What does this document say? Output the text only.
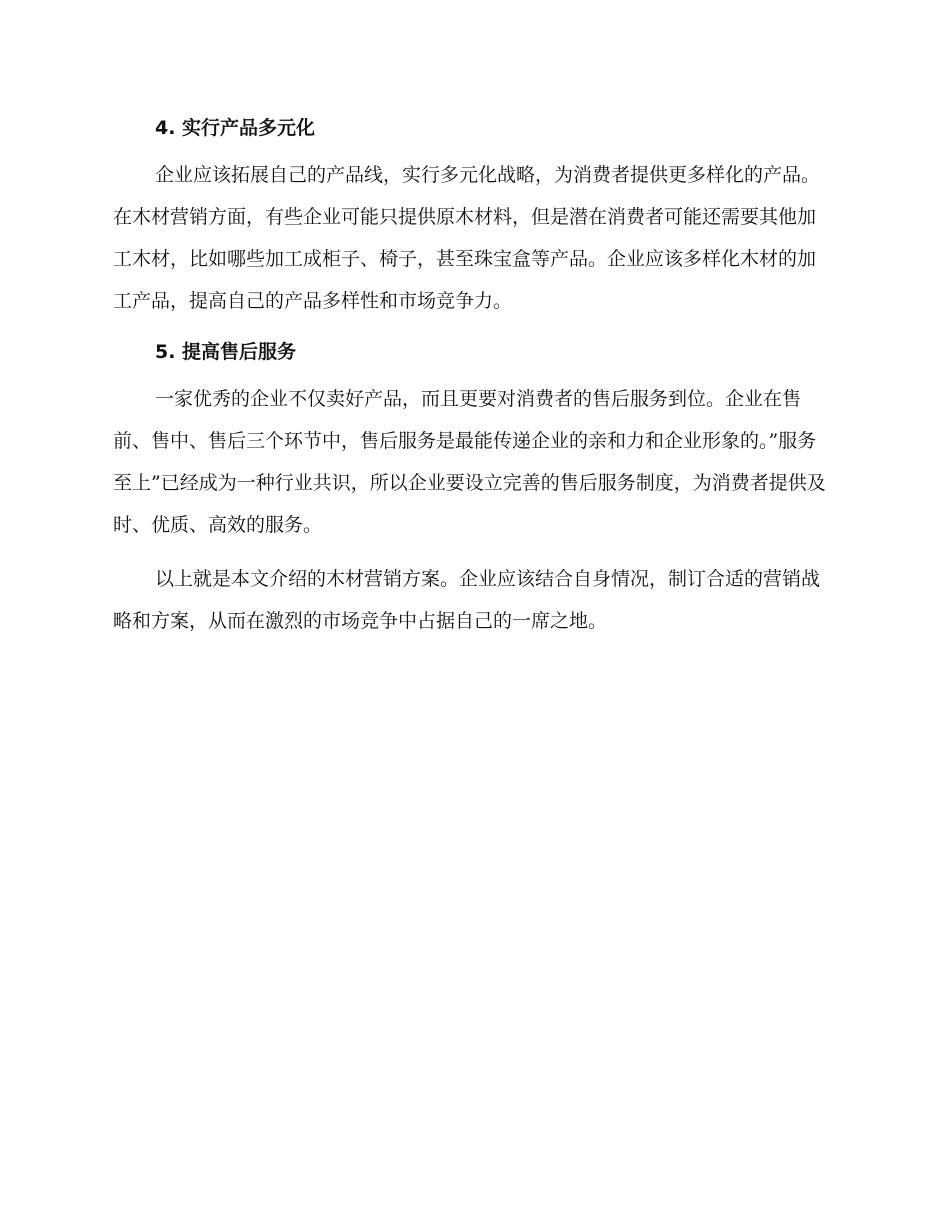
4. 实行产品多元化

企业应该拓展自己的产品线，实行多元化战略，为消费者提供更多样化的产品。在木材营销方面，有些企业可能只提供原木材料，但是潜在消费者可能还需要其他加工木材，比如哪些加工成柜子、椅子，甚至珠宝盒等产品。企业应该多样化木材的加工产品，提高自己的产品多样性和市场竞争力。

5. 提高售后服务

一家优秀的企业不仅卖好产品，而且更要对消费者的售后服务到位。企业在售前、售中、售后三个环节中，售后服务是最能传递企业的亲和力和企业形象的。”服务至上”已经成为一种行业共识，所以企业要设立完善的售后服务制度，为消费者提供及时、优质、高效的服务。

以上就是本文介绍的木材营销方案。企业应该结合自身情况，制订合适的营销战略和方案，从而在激烈的市场竞争中占据自己的一席之地。
